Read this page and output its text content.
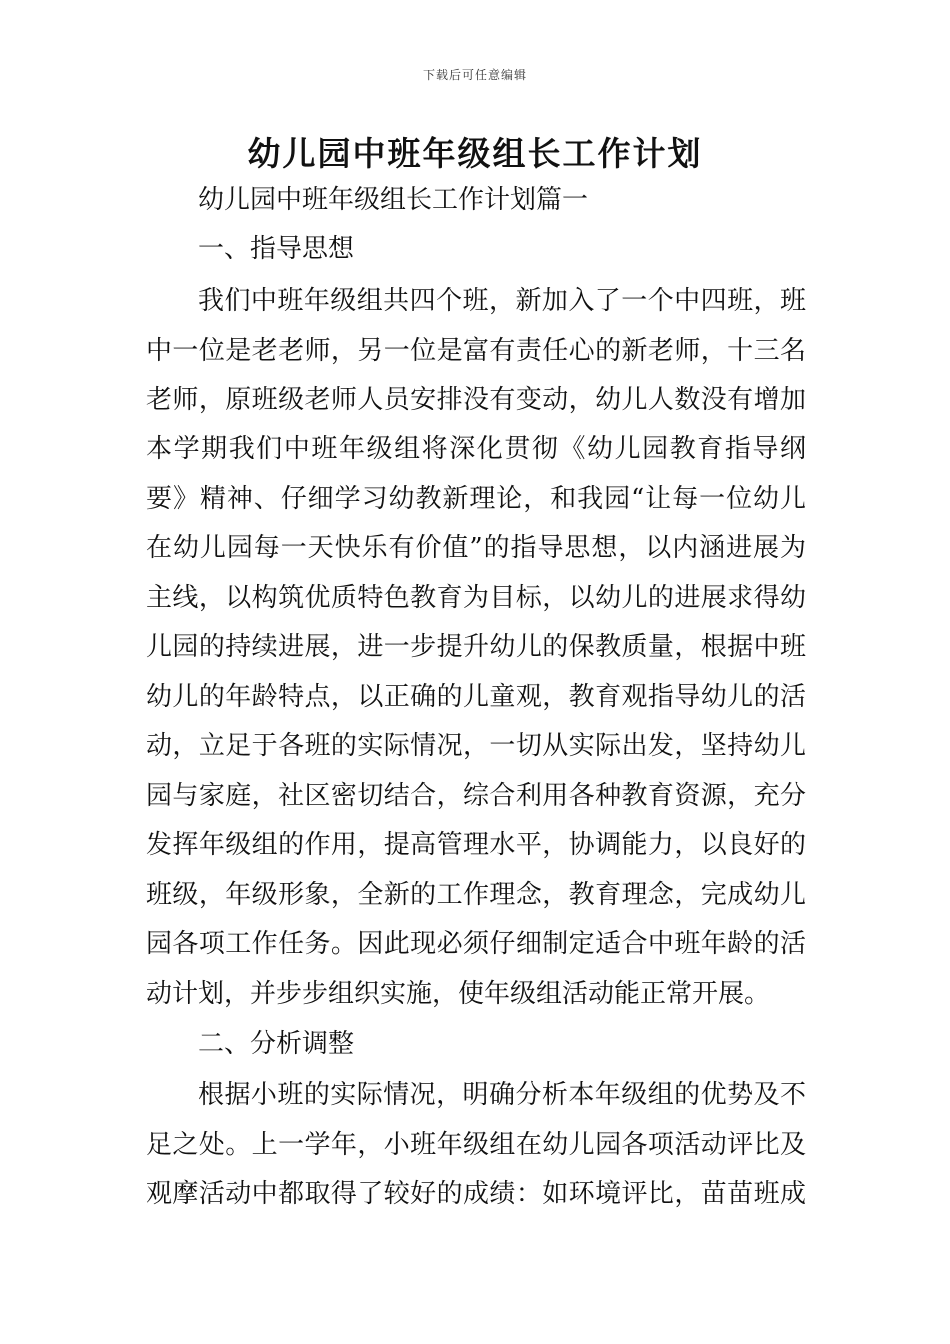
下载后可任意编辑
幼儿园中班年级组长工作计划
幼儿园中班年级组长工作计划篇一
一、指导思想
我们中班年级组共四个班，新加入了一个中四班，班
中一位是老老师，另一位是富有责任心的新老师，十三名
老师，原班级老师人员安排没有变动，幼儿人数没有增加
本学期我们中班年级组将深化贯彻《幼儿园教育指导纲
要》精神、仔细学习幼教新理论，和我园“让每一位幼儿
在幼儿园每一天快乐有价值”的指导思想，以内涵进展为
主线，以构筑优质特色教育为目标，以幼儿的进展求得幼
儿园的持续进展，进一步提升幼儿的保教质量，根据中班
幼儿的年龄特点，以正确的儿童观，教育观指导幼儿的活
动，立足于各班的实际情况，一切从实际出发，坚持幼儿
园与家庭，社区密切结合，综合利用各种教育资源，充分
发挥年级组的作用，提高管理水平，协调能力，以良好的
班级，年级形象，全新的工作理念，教育理念，完成幼儿
园各项工作任务。因此现必须仔细制定适合中班年龄的活
动计划，并步步组织实施，使年级组活动能正常开展。
二、分析调整
根据小班的实际情况，明确分析本年级组的优势及不
足之处。上一学年，小班年级组在幼儿园各项活动评比及
观摩活动中都取得了较好的成绩：如环境评比，苗苗班成
